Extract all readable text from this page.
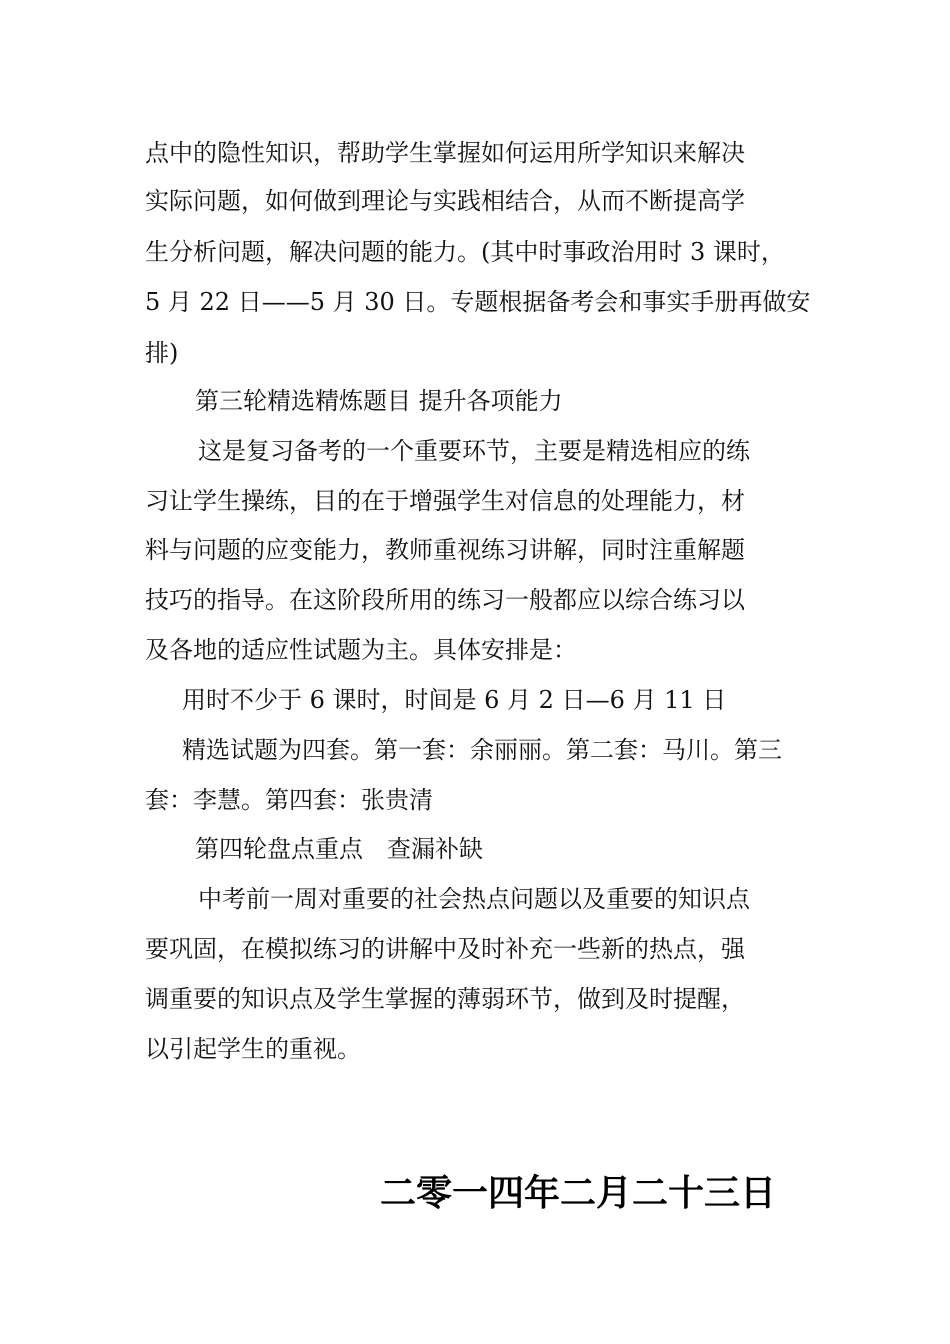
点中的隐性知识，帮助学生掌握如何运用所学知识来解决
实际问题，如何做到理论与实践相结合，从而不断提高学
生分析问题，解决问题的能力。(其中时事政治用时 3 课时，
5 月 22 日——5 月 30 日。专题根据备考会和事实手册再做安
排)
第三轮精选精炼题目 提升各项能力
这是复习备考的一个重要环节，主要是精选相应的练
习让学生操练，目的在于增强学生对信息的处理能力，材
料与问题的应变能力，教师重视练习讲解，同时注重解题
技巧的指导。在这阶段所用的练习一般都应以综合练习以
及各地的适应性试题为主。具体安排是：
用时不少于 6 课时，时间是 6 月 2 日—6 月 11 日
精选试题为四套。第一套：余丽丽。第二套：马川。第三
套：李慧。第四套：张贵清
第四轮盘点重点　查漏补缺
中考前一周对重要的社会热点问题以及重要的知识点
要巩固，在模拟练习的讲解中及时补充一些新的热点，强
调重要的知识点及学生掌握的薄弱环节，做到及时提醒，
以引起学生的重视。
二零一四年二月二十三日
